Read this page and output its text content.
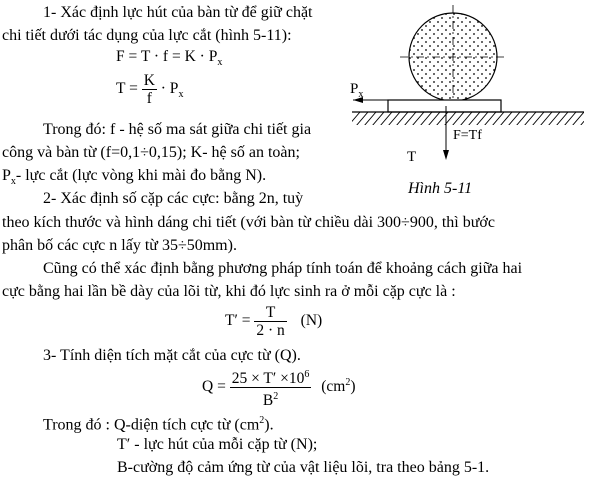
1- Xác định lực hút của bàn từ để giữ chặt
chi tiết dưới tác dụng của lực cắt (hình 5-11):
$F = T \cdot f = K \cdot P_x$
$T = \frac{K}{f} \cdot P_x$
Trong đó: f - hệ số ma sát giữa chi tiết gia
công và bàn từ (f=0,1÷0,15); K- hệ số an toàn;
$P_x-$ lực cắt (lực vòng khi mài đo bằng N).
2- Xác định số cặp các cực: bằng 2n, tuỳ
theo kích thước và hình dáng chi tiết (với bàn từ chiều dài 300÷900, thì bước
phân bố các cực n lấy từ 35÷50mm).
Cũng có thể xác định bằng phương pháp tính toán để khoảng cách giữa hai
cực bằng hai lần bề dày của lõi từ, khi đó lực sinh ra ở mỗi cặp cực là :
$T' = \frac{T}{2 \cdot n} (N)$
3- Tính diện tích mặt cắt của cực từ (Q).
$Q = \frac{25 \times T' \times 10^6}{B^2} (cm^2)$
Trong đó : Q-diện tích cực từ $(cm^2)$.
T′ - lực hút của mỗi cặp từ (N);
B-cường độ cảm ứng từ của vật liệu lõi, tra theo bảng 5-1.
$P_x$
F=Tf
T
Hình 5-11
